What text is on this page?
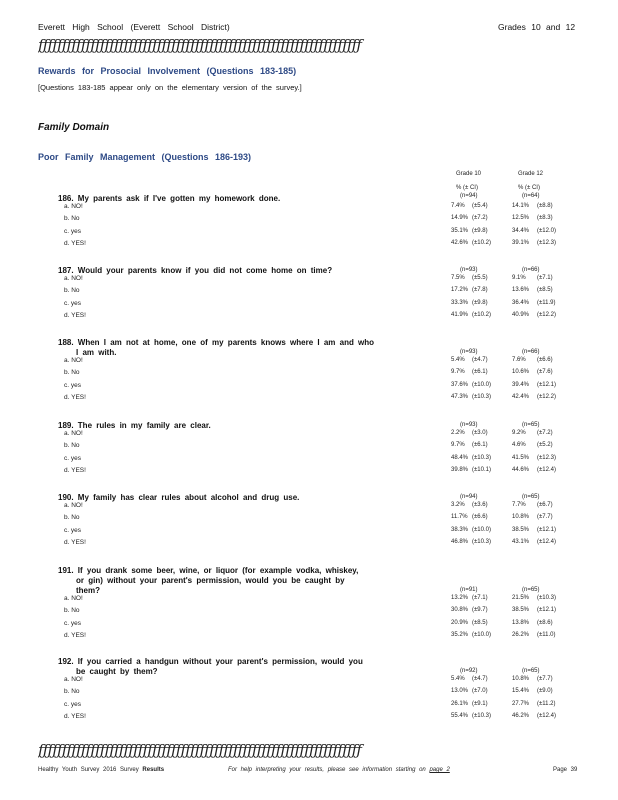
Everett High School (Everett School District)	Grades 10 and 12
ƒƒƒƒƒƒƒƒƒƒƒƒƒƒƒƒƒƒƒƒƒƒƒƒƒƒƒƒƒƒƒƒƒƒƒƒƒƒƒƒƒƒƒƒƒƒƒƒƒƒƒƒƒƒƒƒƒƒƒƒƒƒƒƒƒƒƒƒ
Rewards for Prosocial Involvement (Questions 183-185)
[Questions 183-185 appear only on the elementary version of the survey.]
Family Domain
Poor Family Management (Questions 186-193)
Grade 10	Grade 12
186. My parents ask if I've gotten my homework done.
% (± CI)	% (± CI)
(n=94)	(n=64)
a. NO!	7.4% (±5.4)	14.1% (±8.8)
b. No	14.9% (±7.2)	12.5% (±8.3)
c. yes	35.1% (±9.8)	34.4% (±12.0)
d. YES!	42.6% (±10.2)	39.1% (±12.3)
187. Would your parents know if you did not come home on time?	(n=93)	(n=66)
a. NO!	7.5% (±5.5)	9.1% (±7.1)
b. No	17.2% (±7.8)	13.6% (±8.5)
c. yes	33.3% (±9.8)	36.4% (±11.9)
d. YES!	41.9% (±10.2)	40.9% (±12.2)
188. When I am not at home, one of my parents knows where I am and who
I am with.	(n=93)	(n=66)
a. NO!	5.4% (±4.7)	7.6% (±6.6)
b. No	9.7% (±6.1)	10.6% (±7.6)
c. yes	37.6% (±10.0)	39.4% (±12.1)
d. YES!	47.3% (±10.3)	42.4% (±12.2)
189. The rules in my family are clear.	(n=93)	(n=65)
a. NO!	2.2% (±3.0)	9.2% (±7.2)
b. No	9.7% (±6.1)	4.6% (±5.2)
c. yes	48.4% (±10.3)	41.5% (±12.3)
d. YES!	39.8% (±10.1)	44.6% (±12.4)
190. My family has clear rules about alcohol and drug use.	(n=94)	(n=65)
a. NO!	3.2% (±3.6)	7.7% (±6.7)
b. No	11.7% (±6.6)	10.8% (±7.7)
c. yes	38.3% (±10.0)	38.5% (±12.1)
d. YES!	46.8% (±10.3)	43.1% (±12.4)
191. If you drank some beer, wine, or liquor (for example vodka, whiskey,
or gin) without your parent's permission, would you be caught by
them?	(n=91)	(n=65)
a. NO!	13.2% (±7.1)	21.5% (±10.3)
b. No	30.8% (±9.7)	38.5% (±12.1)
c. yes	20.9% (±8.5)	13.8% (±8.6)
d. YES!	35.2% (±10.0)	26.2% (±11.0)
192. If you carried a handgun without your parent's permission, would you
be caught by them?	(n=92)	(n=65)
a. NO!	5.4% (±4.7)	10.8% (±7.7)
b. No	13.0% (±7.0)	15.4% (±9.0)
c. yes	26.1% (±9.1)	27.7% (±11.2)
d. YES!	55.4% (±10.3)	46.2% (±12.4)
ƒƒƒƒƒƒƒƒƒƒƒƒƒƒƒƒƒƒƒƒƒƒƒƒƒƒƒƒƒƒƒƒƒƒƒƒƒƒƒƒƒƒƒƒƒƒƒƒƒƒƒƒƒƒƒƒƒƒƒƒƒƒƒƒƒƒƒƒ
Healthy Youth Survey 2016 Survey Results	For help interpreting your results, please see information starting on page 2	Page 39
